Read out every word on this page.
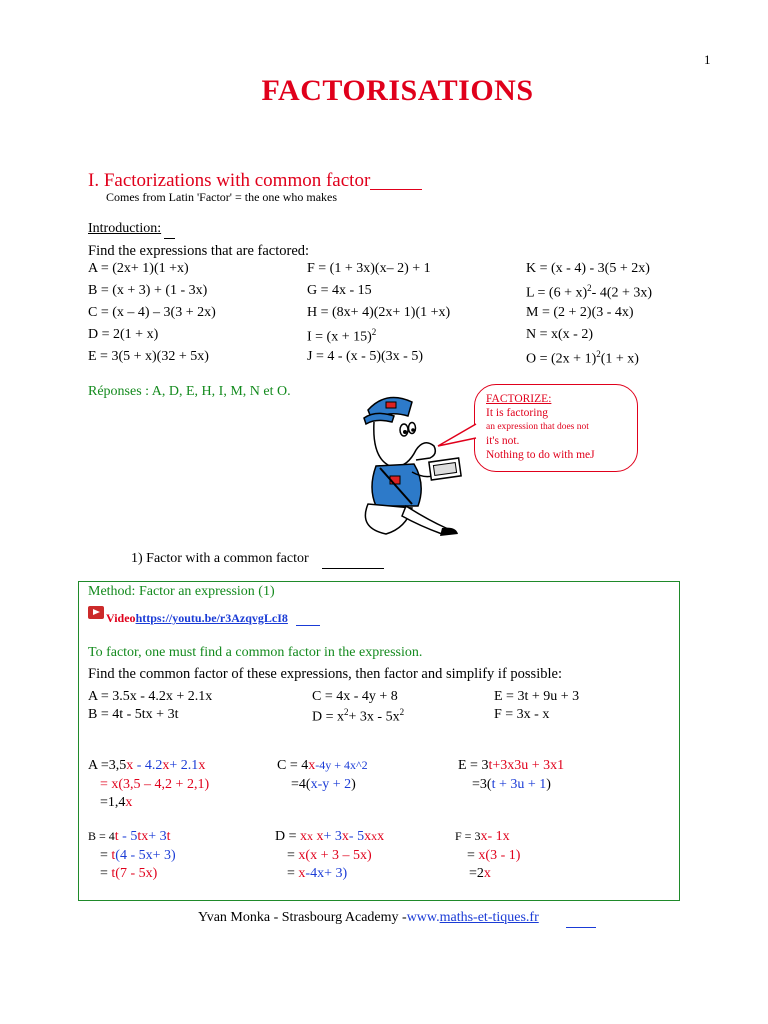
1
FACTORISATIONS
I. Factorizations with common factor
Comes from Latin 'Factor' = the one who makes
Introduction:
Find the expressions that are factored:
A = (2x+ 1)(1 +x)
B = (x + 3) + (1 - 3x)
C = (x – 4) – 3(3 + 2x)
D = 2(1 + x)
E = 3(5 + x)(32 + 5x)
F = (1 + 3x)(x– 2) + 1
G = 4x - 15
H = (8x+ 4)(2x+ 1)(1 +x)
$I = (x + 15)^2$
J = 4 - (x - 5)(3x - 5)
K = (x - 4) - 3(5 + 2x)
$L = (6 + x)^2-$ 4(2 + 3x)
M = (2 + 2)(3 - 4x)
N = x(x - 2)
$O = (2x + 1)^2(1 + x)$
Réponses : A, D, E, H, I, M, N et O.	FACTORIZE:
It is factoring
an expression that does not
it's not.
Nothing to do with meJ
1) Factor with a common factor
Method: Factor an expression (1)
Videohttps://youtu.be/r3AzqvgLcI8
To factor, one must find a common factor in the expression.
Find the common factor of these expressions, then factor and simplify if possible:
A = 3.5x - 4.2x + 2.1x
B = 4t - 5tx + 3t
C = 4x - 4y + 8
$D = x^2+ 3x - 5x^2$
E = 3t + 9u + 3
F = 3x - x
A =3,5x - 4.2x+ 2.1x
= x(3,5 – 4,2 + 2,1)
=1,4x
C = 4x-4y + 4x^2
=4(x-y + 2)
E = 3t+3x3u + 3x1
=3(t + 3u + 1)
B = 4t - 5tx+ 3t
= t(4 - 5x+ 3)
= t(7 - 5x)
D = xx x+ 3x- 5xxx
= x(x + 3 – 5x)
= x-4x+ 3)
F = 3x- 1x
= x(3 - 1)
=2x
Yvan Monka - Strasbourg Academy -www.maths-et-tiques.fr
